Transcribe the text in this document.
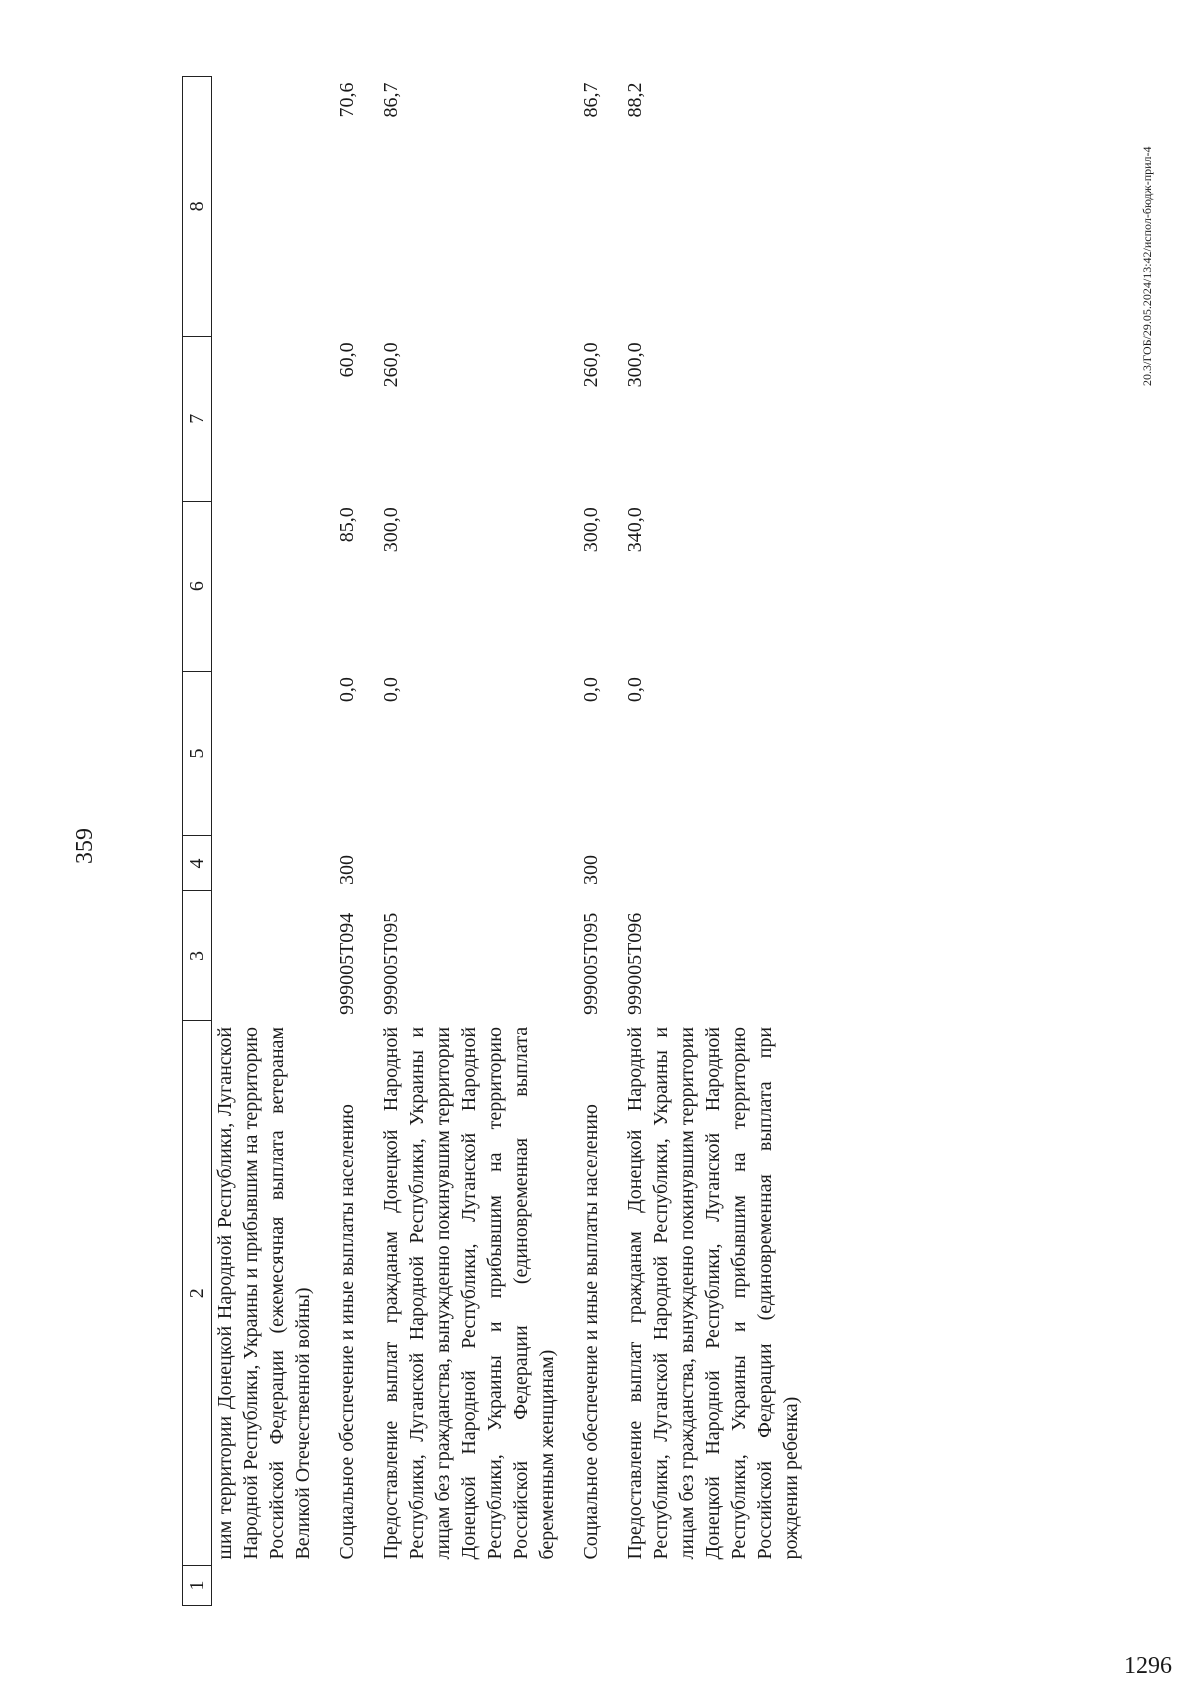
359
1	2	3	4	5	6	7	8
	шим территории Донецкой Народной Республики, Луганской Народной Республики, Украины и прибывшим на территорию Российской Федерации (ежемесячная выплата ветеранам Великой Отечественной войны)						
	Социальное обеспечение и иные выплаты населению	999005Т094	300	0,0	85,0	60,0	70,6
	Предоставление выплат гражданам Донецкой Народной Республики, Луганской Народной Республики, Украины и лицам без гражданства, вынужденно покинувшим территории Донецкой Народной Республики, Луганской Народной Республики, Украины и прибывшим на территорию Российской Федерации (единовременная выплата беременным женщинам)	999005Т095		0,0	300,0	260,0	86,7
	Социальное обеспечение и иные выплаты населению	999005Т095	300	0,0	300,0	260,0	86,7
	Предоставление выплат гражданам Донецкой Народной Республики, Луганской Народной Республики, Украины и лицам без гражданства, вынужденно покинувшим территории Донецкой Народной Республики, Луганской Народной Республики, Украины и прибывшим на территорию Российской Федерации (единовременная выплата при рождении ребенка)	999005Т096		0,0	340,0	300,0	88,2
20.3/ГОБ/29.05.2024/13:42/испол-бюдж-прил-4
1296
